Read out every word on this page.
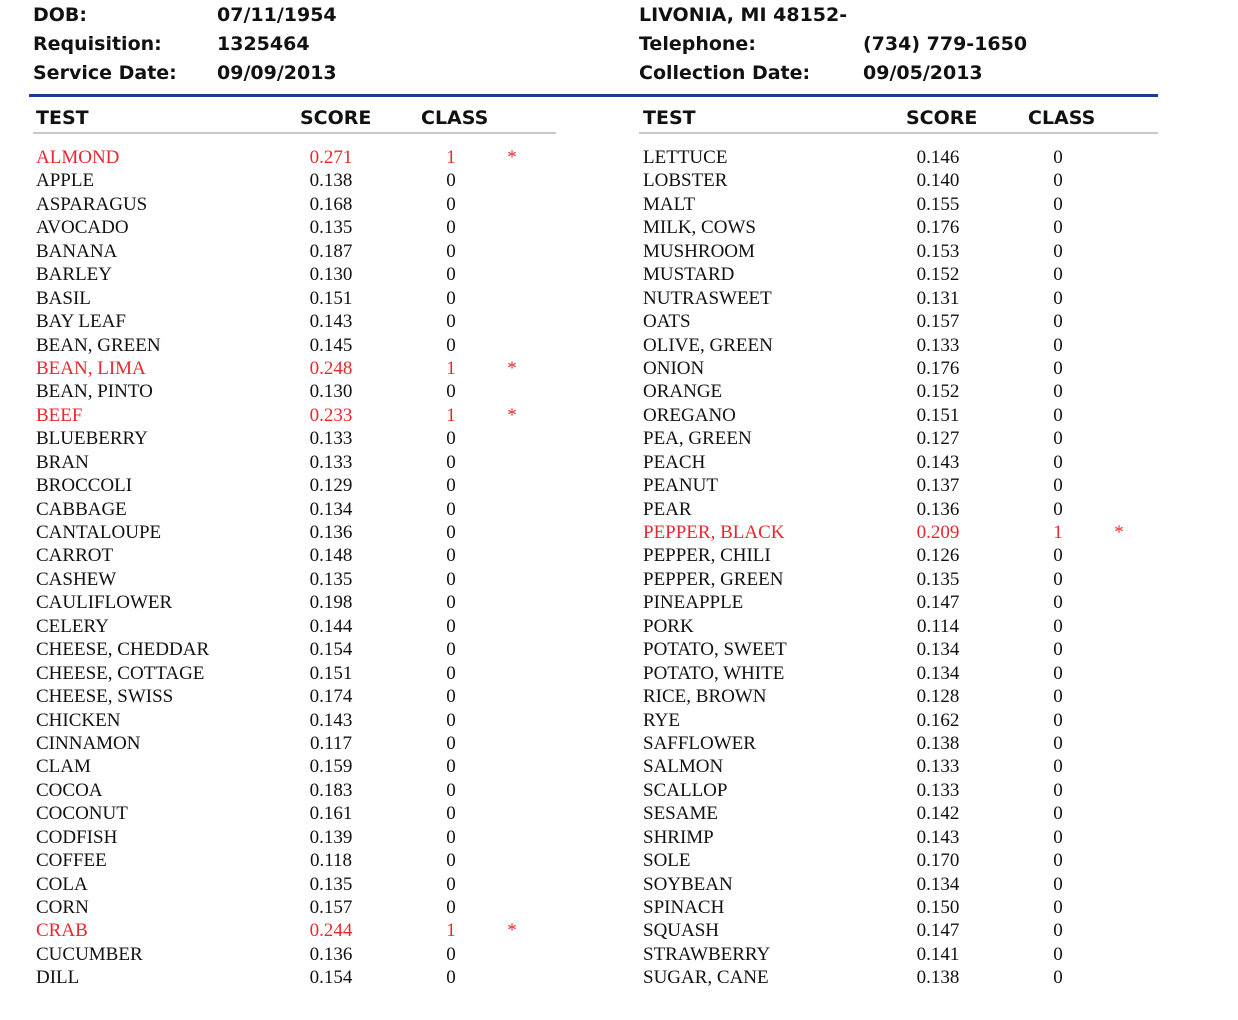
DOB:	07/11/1954
Requisition:	1325464
Service Date: 09/09/2013
LIVONIA, MI 48152-
Telephone:	(734) 779-1650
Collection Date:	09/05/2013
TEST	SCORE	CLASS	TEST	SCORE	CLASS
ALMOND	0.271	1	*
APPLE	0.138	0
ASPARAGUS	0.168	0
AVOCADO	0.135	0
BANANA	0.187	0
BARLEY	0.130	0
BASIL	0.151	0
BAY LEAF	0.143	0
BEAN, GREEN	0.145	0
BEAN, LIMA	0.248	1	*
BEAN, PINTO	0.130	0
BEEF	0.233	1	*
BLUEBERRY	0.133	0
BRAN	0.133	0
BROCCOLI	0.129	0
CABBAGE	0.134	0
CANTALOUPE	0.136	0
CARROT	0.148	0
CASHEW	0.135	0
CAULIFLOWER	0.198	0
CELERY	0.144	0
CHEESE, CHEDDAR	0.154	0
CHEESE, COTTAGE	0.151	0
CHEESE, SWISS	0.174	0
CHICKEN	0.143	0
CINNAMON	0.117	0
CLAM	0.159	0
COCOA	0.183	0
COCONUT	0.161	0
CODFISH	0.139	0
COFFEE	0.118	0
COLA	0.135	0
CORN	0.157	0
CRAB	0.244	1	*
CUCUMBER	0.136	0
DILL	0.154	0
LETTUCE	0.146	0
LOBSTER	0.140	0
MALT	0.155	0
MILK, COWS	0.176	0
MUSHROOM	0.153	0
MUSTARD	0.152	0
NUTRASWEET	0.131	0
OATS	0.157	0
OLIVE, GREEN	0.133	0
ONION	0.176	0
ORANGE	0.152	0
OREGANO	0.151	0
PEA, GREEN	0.127	0
PEACH	0.143	0
PEANUT	0.137	0
PEAR	0.136	0
PEPPER, BLACK	0.209	1	*
PEPPER, CHILI	0.126	0
PEPPER, GREEN	0.135	0
PINEAPPLE	0.147	0
PORK	0.114	0
POTATO, SWEET	0.134	0
POTATO, WHITE	0.134	0
RICE, BROWN	0.128	0
RYE	0.162	0
SAFFLOWER	0.138	0
SALMON	0.133	0
SCALLOP	0.133	0
SESAME	0.142	0
SHRIMP	0.143	0
SOLE	0.170	0
SOYBEAN	0.134	0
SPINACH	0.150	0
SQUASH	0.147	0
STRAWBERRY	0.141	0
SUGAR, CANE	0.138	0
